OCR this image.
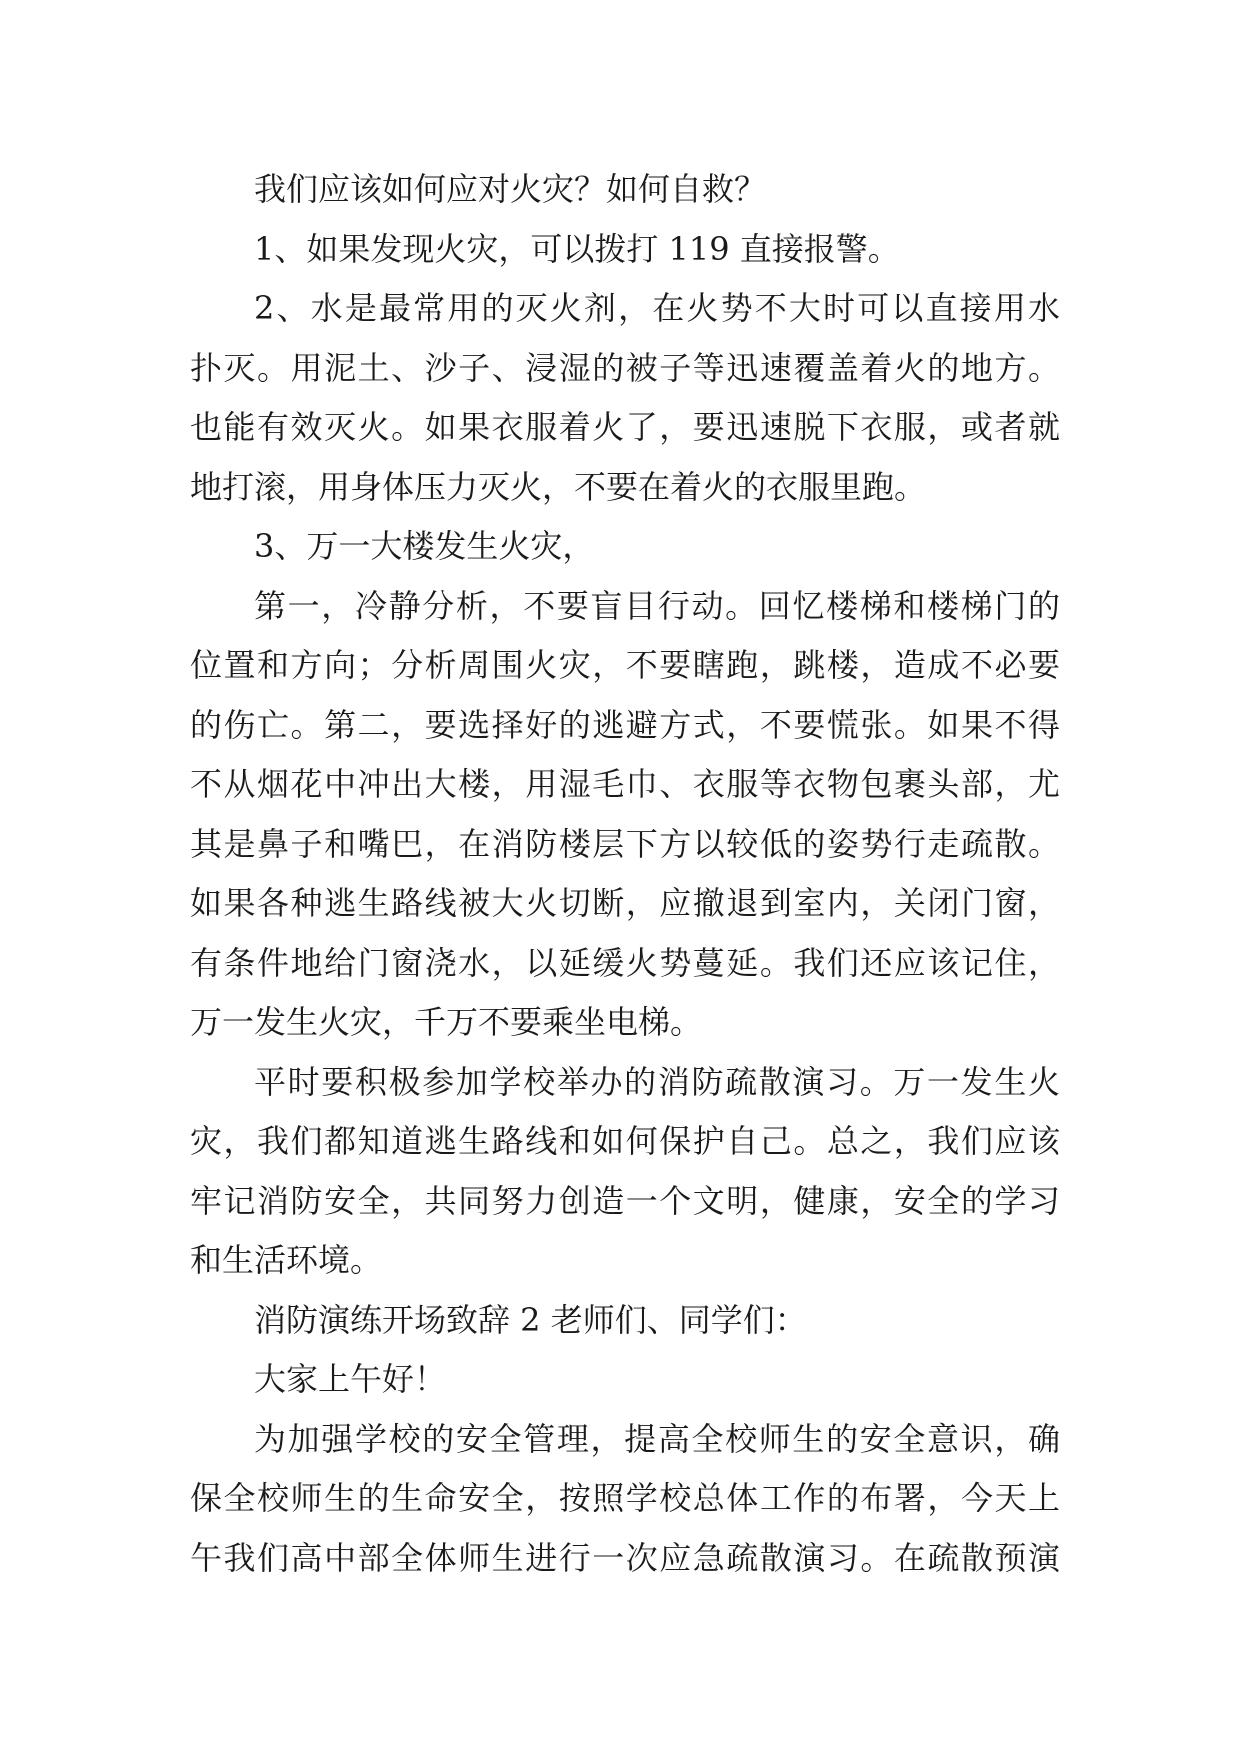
我们应该如何应对火灾？如何自救？
1、如果发现火灾，可以拨打 119 直接报警。
2、水是最常用的灭火剂，在火势不大时可以直接用水
扑灭。用泥土、沙子、浸湿的被子等迅速覆盖着火的地方。
也能有效灭火。如果衣服着火了，要迅速脱下衣服，或者就
地打滚，用身体压力灭火，不要在着火的衣服里跑。
3、万一大楼发生火灾，
第一，冷静分析，不要盲目行动。回忆楼梯和楼梯门的
位置和方向；分析周围火灾，不要瞎跑，跳楼，造成不必要
的伤亡。第二，要选择好的逃避方式，不要慌张。如果不得
不从烟花中冲出大楼，用湿毛巾、衣服等衣物包裹头部，尤
其是鼻子和嘴巴，在消防楼层下方以较低的姿势行走疏散。
如果各种逃生路线被大火切断，应撤退到室内，关闭门窗，
有条件地给门窗浇水，以延缓火势蔓延。我们还应该记住，
万一发生火灾，千万不要乘坐电梯。
平时要积极参加学校举办的消防疏散演习。万一发生火
灾，我们都知道逃生路线和如何保护自己。总之，我们应该
牢记消防安全，共同努力创造一个文明，健康，安全的学习
和生活环境。
消防演练开场致辞 2 老师们、同学们：
大家上午好！
为加强学校的安全管理，提高全校师生的安全意识，确
保全校师生的生命安全，按照学校总体工作的布署，今天上
午我们高中部全体师生进行一次应急疏散演习。在疏散预演
